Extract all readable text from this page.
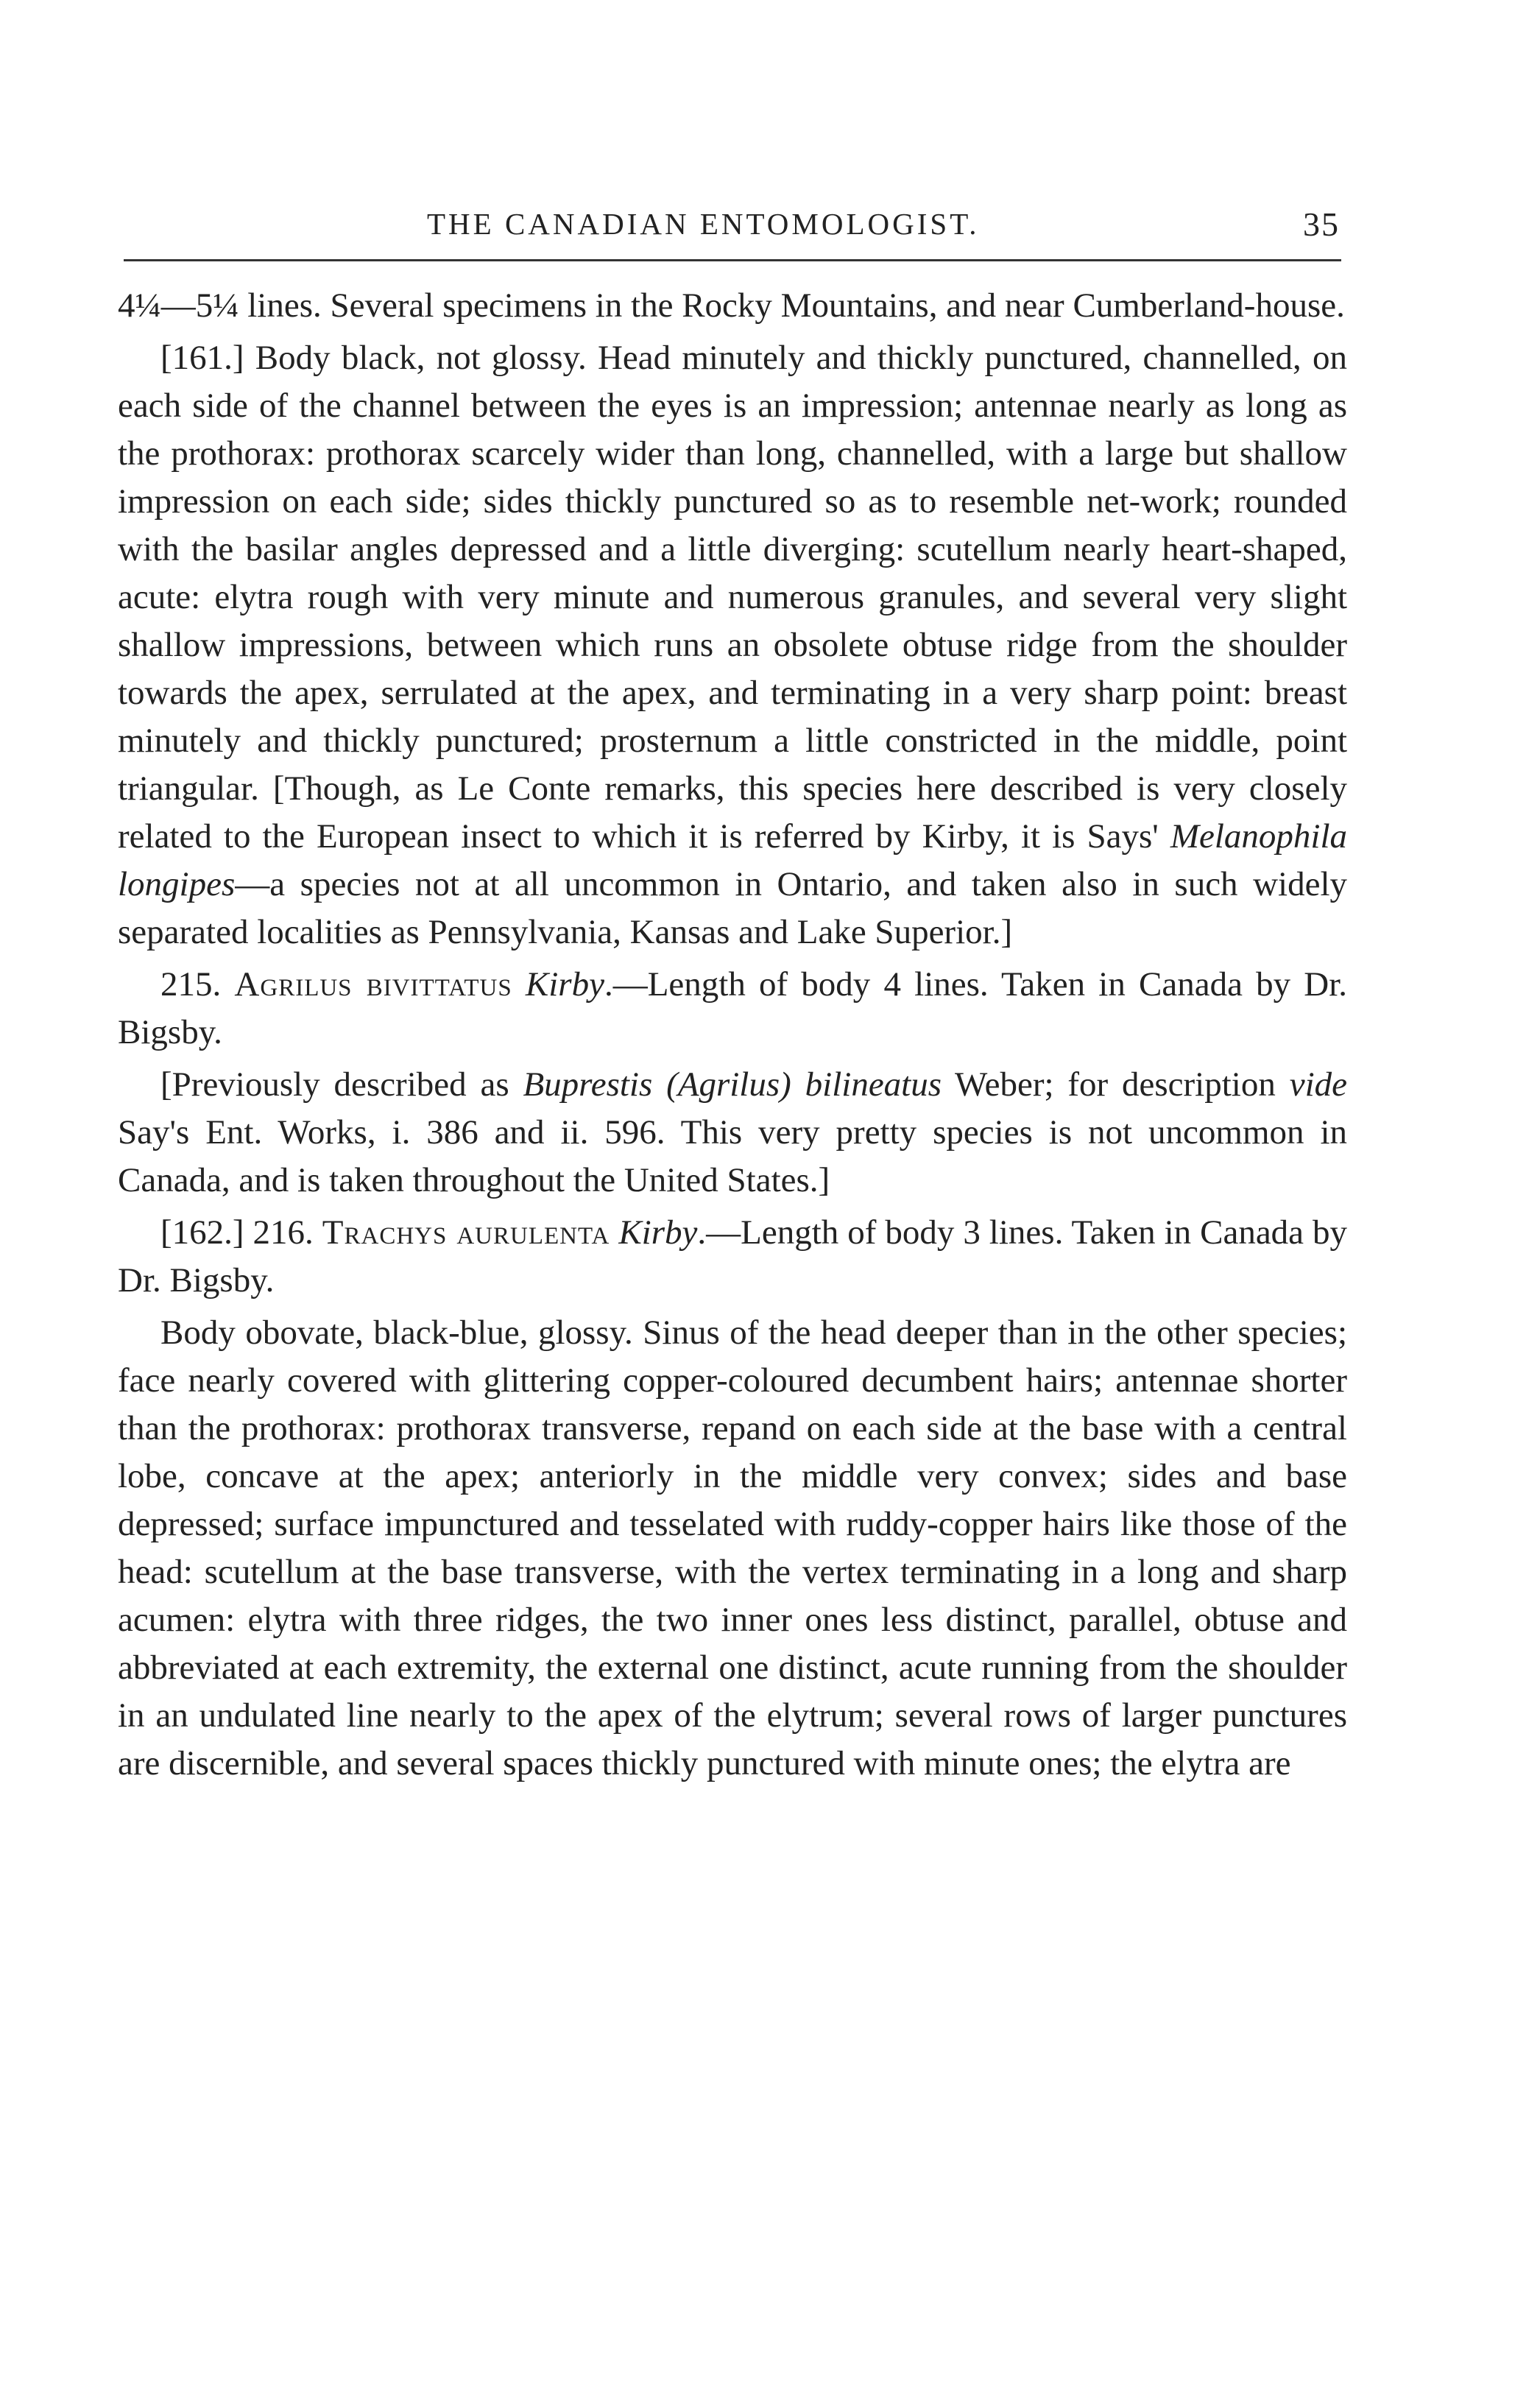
THE CANADIAN ENTOMOLOGIST.	35

4¼—5¼ lines. Several specimens in the Rocky Mountains, and near Cumberland-house.

[161.] Body black, not glossy. Head minutely and thickly punctured, channelled, on each side of the channel between the eyes is an impression; antennae nearly as long as the prothorax: prothorax scarcely wider than long, channelled, with a large but shallow impression on each side; sides thickly punctured so as to resemble net-work; rounded with the basilar angles depressed and a little diverging: scutellum nearly heart-shaped, acute: elytra rough with very minute and numerous granules, and several very slight shallow impressions, between which runs an obsolete obtuse ridge from the shoulder towards the apex, serrulated at the apex, and terminating in a very sharp point: breast minutely and thickly punctured; prosternum a little constricted in the middle, point triangular. [Though, as Le Conte remarks, this species here described is very closely related to the European insect to which it is referred by Kirby, it is Says' Melanophila longipes—a species not at all uncommon in Ontario, and taken also in such widely separated localities as Pennsylvania, Kansas and Lake Superior.]

215. Agrilus bivittatus Kirby.—Length of body 4 lines. Taken in Canada by Dr. Bigsby.

[Previously described as Buprestis (Agrilus) bilineatus Weber; for description vide Say's Ent. Works, i. 386 and ii. 596. This very pretty species is not uncommon in Canada, and is taken throughout the United States.]

[162.] 216. Trachys aurulenta Kirby.—Length of body 3 lines. Taken in Canada by Dr. Bigsby.

Body obovate, black-blue, glossy. Sinus of the head deeper than in the other species; face nearly covered with glittering copper-coloured decumbent hairs; antennae shorter than the prothorax: prothorax transverse, repand on each side at the base with a central lobe, concave at the apex; anteriorly in the middle very convex; sides and base depressed; surface impunctured and tesselated with ruddy-copper hairs like those of the head: scutellum at the base transverse, with the vertex terminating in a long and sharp acumen: elytra with three ridges, the two inner ones less distinct, parallel, obtuse and abbreviated at each extremity, the external one distinct, acute running from the shoulder in an undulated line nearly to the apex of the elytrum; several rows of larger punctures are discernible, and several spaces thickly punctured with minute ones; the elytra are
